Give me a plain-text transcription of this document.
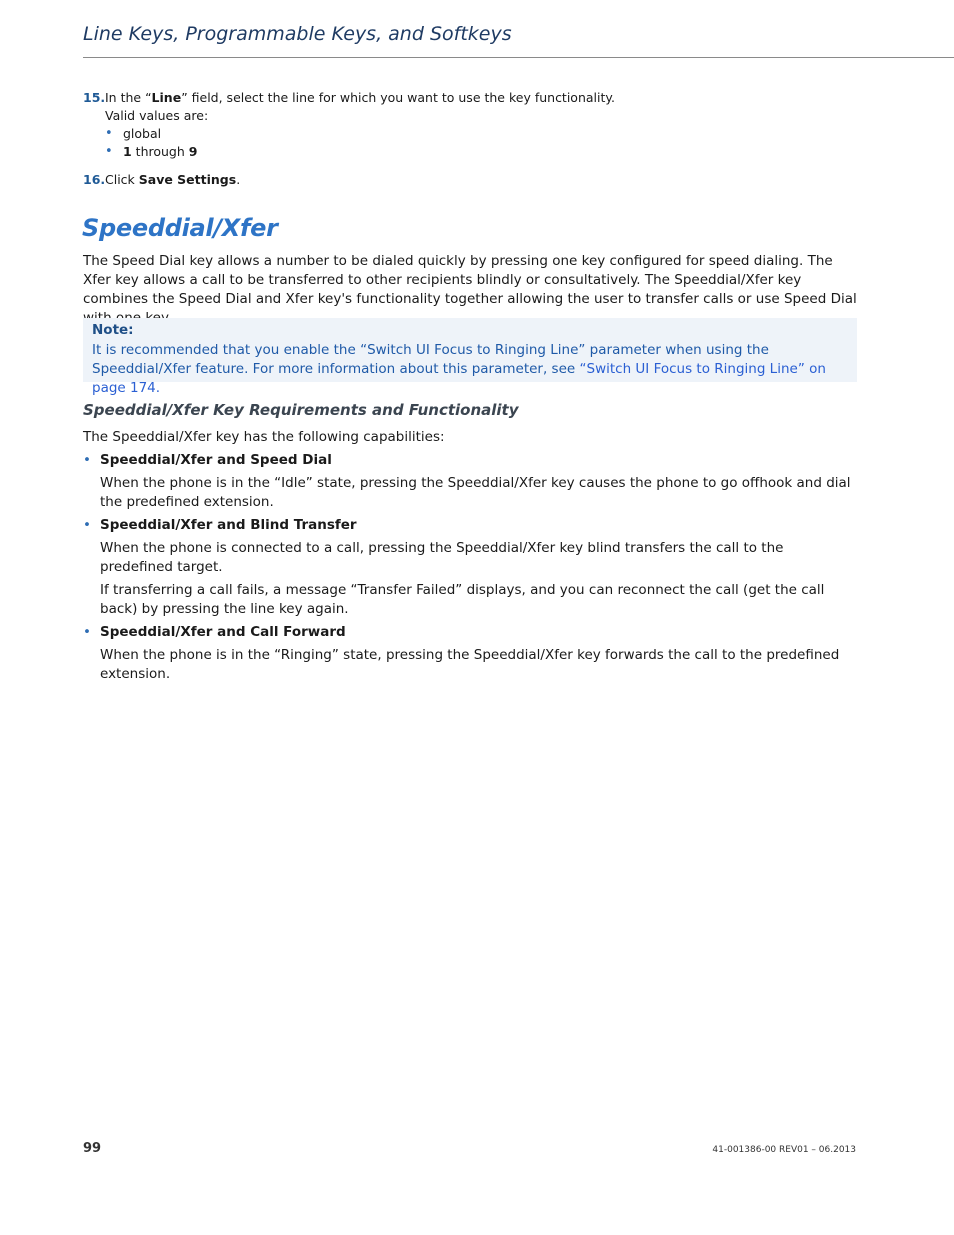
Line Keys, Programmable Keys, and Softkeys
15. In the “Line” field, select the line for which you want to use the key functionality.
Valid values are:
• global
• 1 through 9
16. Click Save Settings.
Speeddial/Xfer

The Speed Dial key allows a number to be dialed quickly by pressing one key configured for speed dialing. The Xfer key allows a call to be transferred to other recipients blindly or consultatively. The Speeddial/Xfer key combines the Speed Dial and Xfer key's functionality together allowing the user to transfer calls or use Speed Dial

Note:
It is recommended that you enable the “Switch UI Focus to Ringing Line” parameter when using the Speeddial/Xfer feature. For more information about this parameter, see “Switch UI Focus to Ringing Line” on page 174.
Speeddial/Xfer Key Requirements and Functionality

The Speeddial/Xfer key has the following capabilities:

• Speeddial/Xfer and Speed Dial

When the phone is in the “Idle” state, pressing the Speeddial/Xfer key causes the phone to go offhook and dial the predefined extension.

• Speeddial/Xfer and Blind Transfer

When the phone is connected to a call, pressing the Speeddial/Xfer key blind transfers the call to the predefined target.

If transferring a call fails, a message “Transfer Failed” displays, and you can reconnect the call (get the call back) by pressing the line key again.

• Speeddial/Xfer and Call Forward

When the phone is in the “Ringing” state, pressing the Speeddial/Xfer key forwards the call to the predefined extension.

99	41-001386-00 REV01 – 06.2013
